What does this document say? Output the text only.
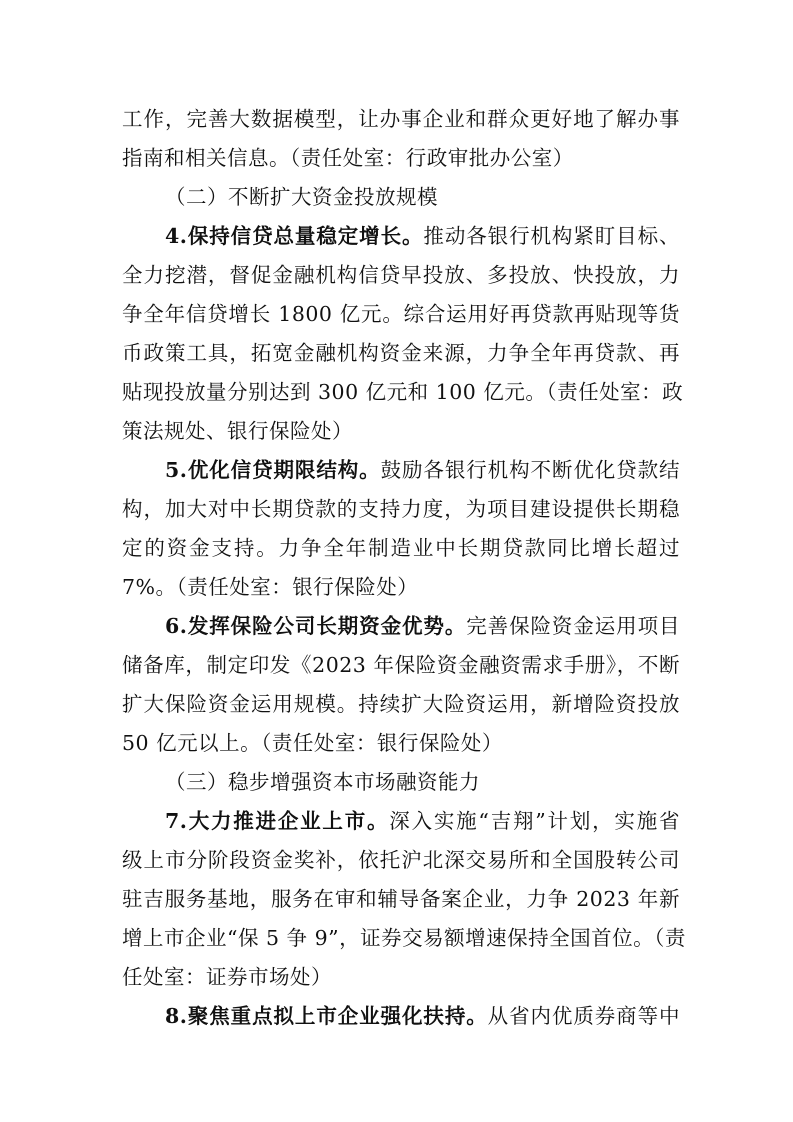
工作，完善大数据模型，让办事企业和群众更好地了解办事
指南和相关信息。（责任处室：行政审批办公室）
（二）不断扩大资金投放规模
4.保持信贷总量稳定增长。推动各银行机构紧盯目标、
全力挖潜，督促金融机构信贷早投放、多投放、快投放，力
争全年信贷增长 1800 亿元。综合运用好再贷款再贴现等货
币政策工具，拓宽金融机构资金来源，力争全年再贷款、再
贴现投放量分别达到 300 亿元和 100 亿元。（责任处室：政
策法规处、银行保险处）
5.优化信贷期限结构。鼓励各银行机构不断优化贷款结
构，加大对中长期贷款的支持力度，为项目建设提供长期稳
定的资金支持。力争全年制造业中长期贷款同比增长超过
7%。（责任处室：银行保险处）
6.发挥保险公司长期资金优势。完善保险资金运用项目
储备库，制定印发《2023 年保险资金融资需求手册》，不断
扩大保险资金运用规模。持续扩大险资运用，新增险资投放
50 亿元以上。（责任处室：银行保险处）
（三）稳步增强资本市场融资能力
7.大力推进企业上市。深入实施“吉翔”计划，实施省
级上市分阶段资金奖补，依托沪北深交易所和全国股转公司
驻吉服务基地，服务在审和辅导备案企业，力争 2023 年新
增上市企业“保 5 争 9”，证券交易额增速保持全国首位。（责
任处室：证券市场处）
8.聚焦重点拟上市企业强化扶持。从省内优质券商等中
